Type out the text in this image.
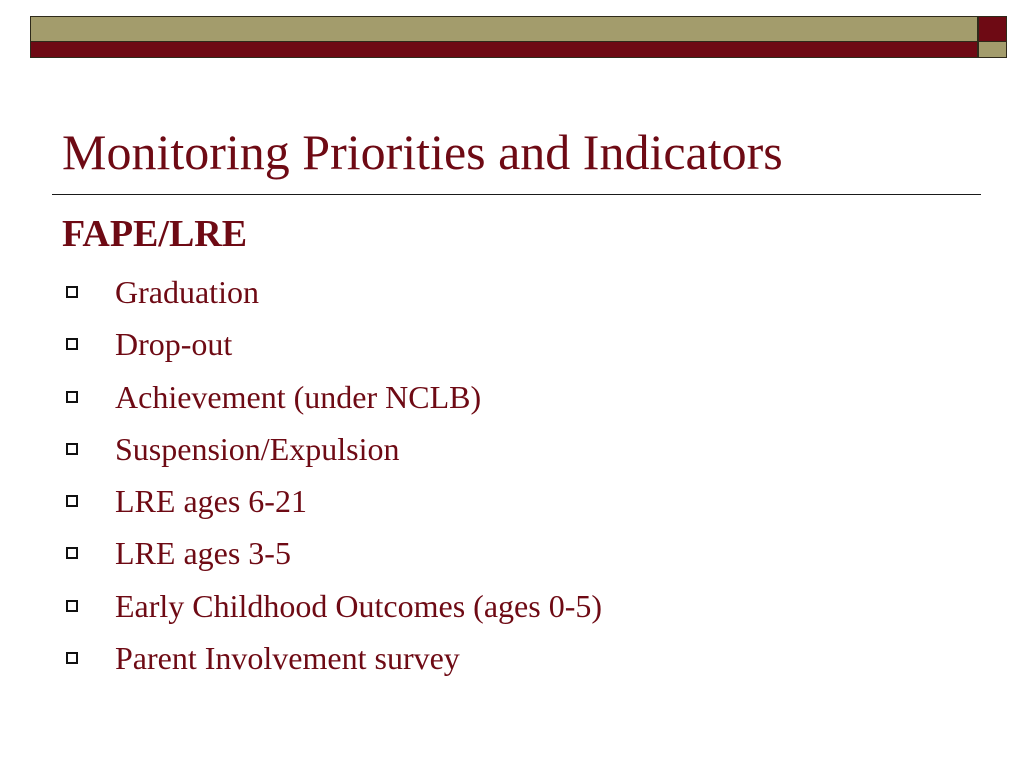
Monitoring Priorities and Indicators
FAPE/LRE
Graduation
Drop-out
Achievement (under NCLB)
Suspension/Expulsion
LRE ages 6-21
LRE ages 3-5
Early Childhood Outcomes (ages 0-5)
Parent Involvement survey
